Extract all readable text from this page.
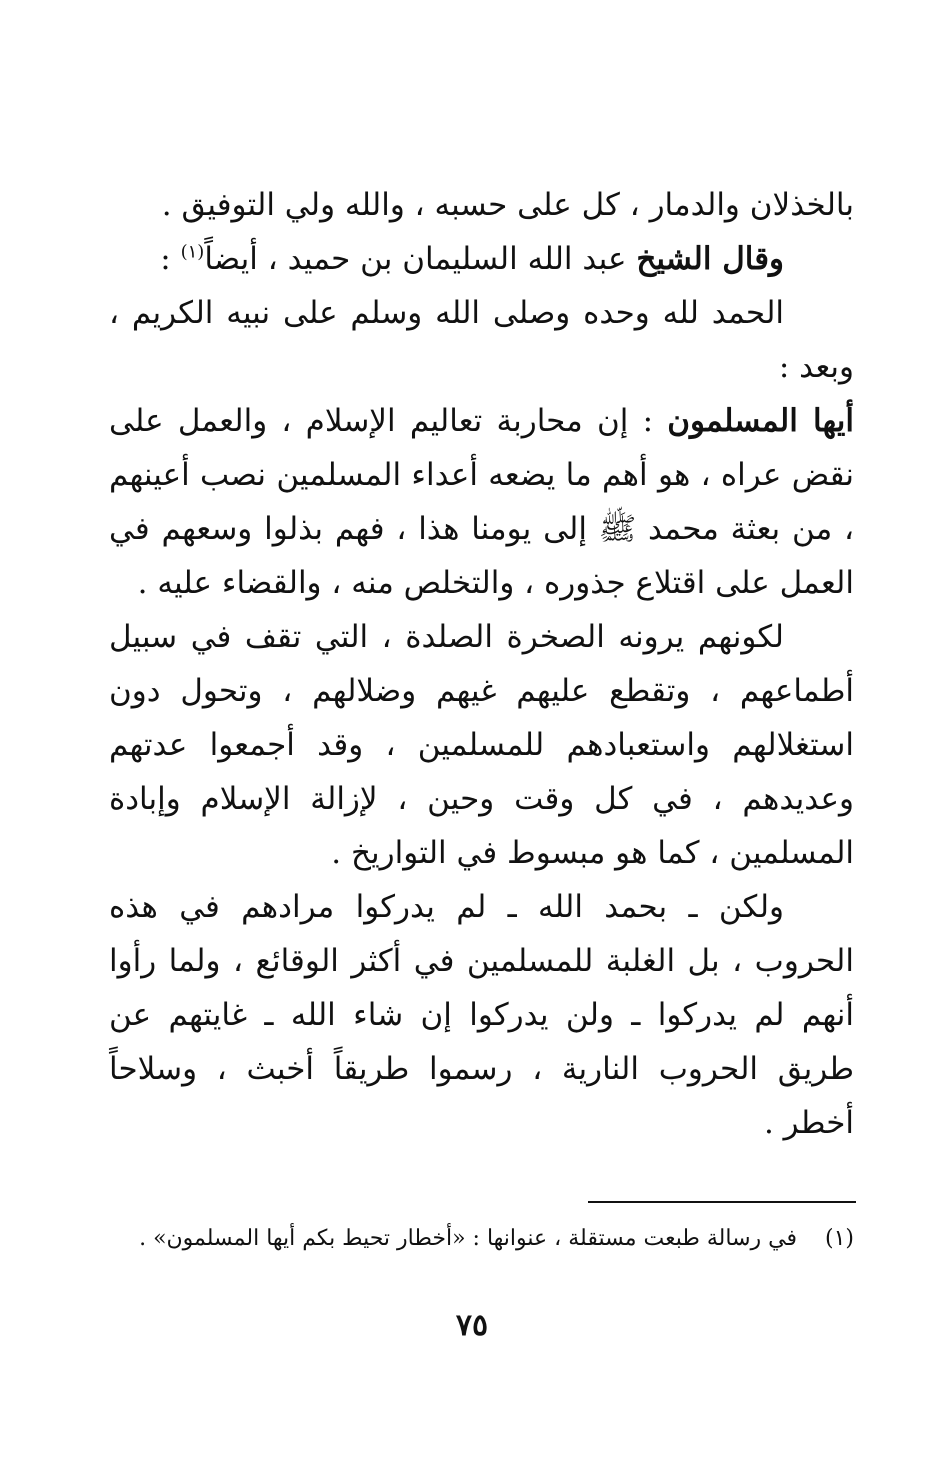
بالخذلان والدمار ، كل على حسبه ، والله ولي التوفيق .

وقال الشيخ عبد الله السليمان بن حميد ، أيضاً$^{(١)}$ :

الحمد لله وحده وصلى الله وسلم على نبيه الكريم ، وبعد :

أيها المسلمون : إن محاربة تعاليم الإسلام ، والعمل على نقض عراه ، هو أهم ما يضعه أعداء المسلمين نصب أعينهم ، من بعثة محمد ﷺ إلى يومنا هذا ، فهم بذلوا وسعهم في العمل على اقتلاع جذوره ، والتخلص منه ، والقضاء عليه .

لكونهم يرونه الصخرة الصلدة ، التي تقف في سبيل أطماعهم ، وتقطع عليهم غيهم وضلالهم ، وتحول دون استغلالهم واستعبادهم للمسلمين ، وقد أجمعوا عدتهم وعديدهم ، في كل وقت وحين ، لإزالة الإسلام وإبادة المسلمين ، كما هو مبسوط في التواريخ .

ولكن ـ بحمد الله ـ لم يدركوا مرادهم في هذه الحروب ، بل الغلبة للمسلمين في أكثر الوقائع ، ولما رأوا أنهم لم يدركوا ـ ولن يدركوا إن شاء الله ـ غايتهم عن طريق الحروب النارية ، رسموا طريقاً أخبث ، وسلاحاً أخطر .

(١)في رسالة طبعت مستقلة ، عنوانها : «أخطار تحيط بكم أيها المسلمون» .
٧٥
